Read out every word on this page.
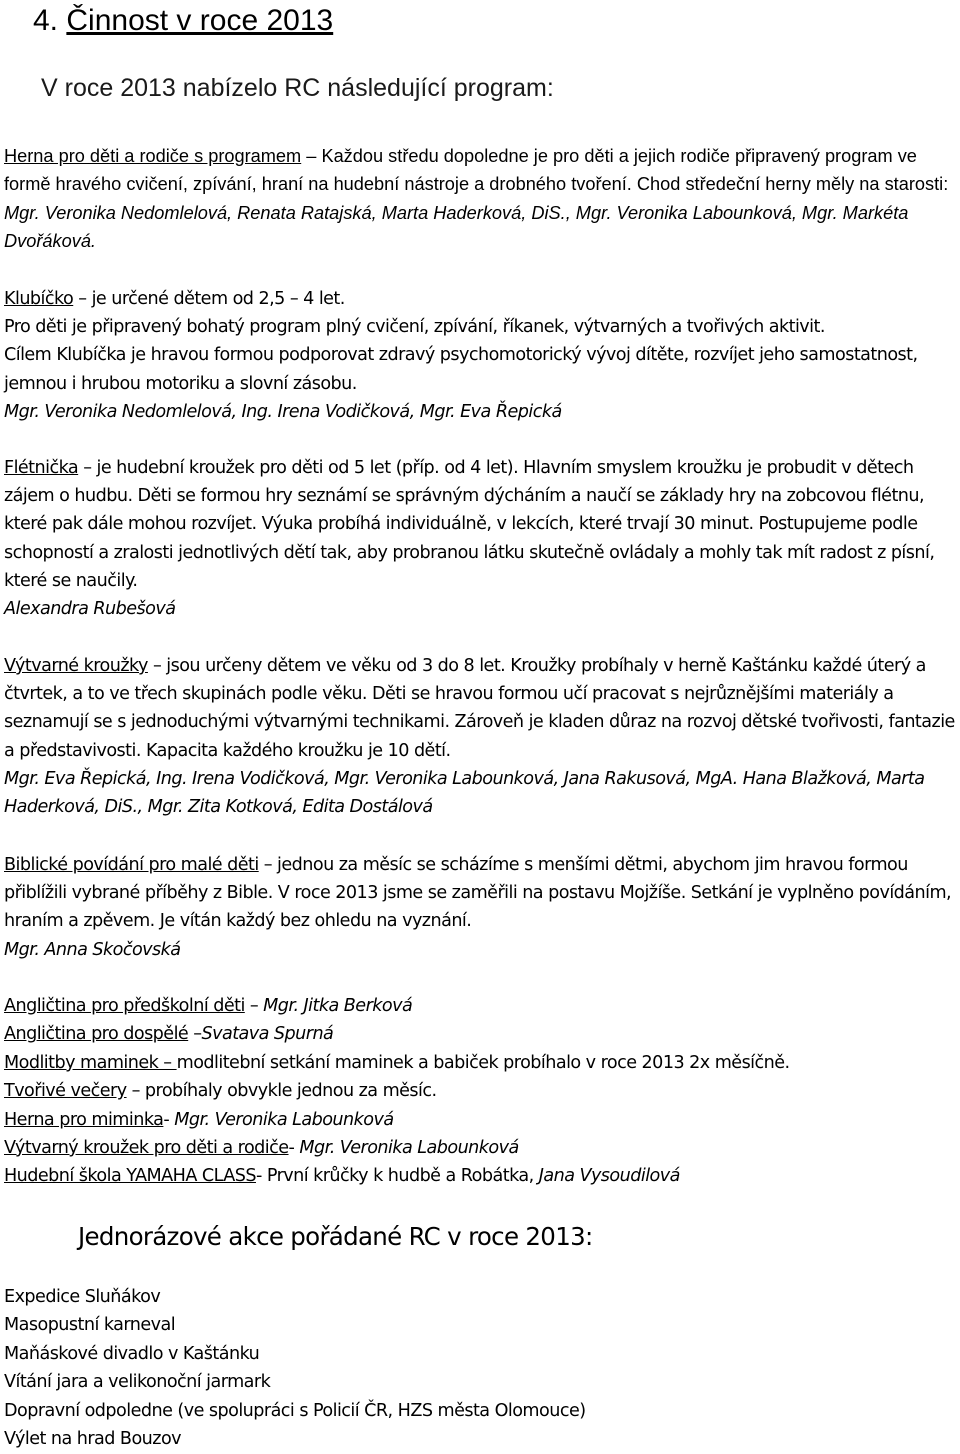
4. Činnost v roce 2013
V roce 2013 nabízelo RC následující program:
Herna pro děti a rodiče s programem – Každou středu dopoledne je pro děti a jejich rodiče připravený program ve formě hravého cvičení, zpívání, hraní na hudební nástroje a drobného tvoření. Chod středeční herny měly na starosti: Mgr. Veronika Nedomlelová, Renata Ratajská, Marta Haderková, DiS., Mgr. Veronika Labounková, Mgr. Markéta Dvořáková.
Klubíčko – je určené dětem od 2,5 – 4 let.
Pro děti je připravený bohatý program plný cvičení, zpívání, říkanek, výtvarných a tvořivých aktivit.
Cílem Klubíčka je hravou formou podporovat zdravý psychomotorický vývoj dítěte, rozvíjet jeho samostatnost, jemnou i hrubou motoriku a slovní zásobu.
Mgr. Veronika Nedomlelová, Ing. Irena Vodičková, Mgr. Eva Řepická
Flétnička – je hudební kroužek pro děti od 5 let (příp. od 4 let). Hlavním smyslem kroužku je probudit v dětech zájem o hudbu. Děti se formou hry seznámí se správným dýcháním a naučí se základy hry na zobcovou flétnu, které pak dále mohou rozvíjet. Výuka probíhá individuálně, v lekcích, které trvají 30 minut. Postupujeme podle schopností a zralosti jednotlivých dětí tak, aby probranou látku skutečně ovládaly a mohly tak mít radost z písní, které se naučily.
Alexandra Rubešová
Výtvarné kroužky – jsou určeny dětem ve věku od 3 do 8 let. Kroužky probíhaly v herně Kaštánku každé úterý a čtvrtek, a to ve třech skupinách podle věku. Děti se hravou formou učí pracovat s nejrůznějšími materiály a seznamují se s jednoduchými výtvarnými technikami. Zároveň je kladen důraz na rozvoj dětské tvořivosti, fantazie a představivosti. Kapacita každého kroužku je 10 dětí.
Mgr. Eva Řepická, Ing. Irena Vodičková, Mgr. Veronika Labounková, Jana Rakusová, MgA. Hana Blažková, Marta Haderková, DiS., Mgr. Zita Kotková, Edita Dostálová
Biblické povídání pro malé děti – jednou za měsíc se scházíme s menšími dětmi, abychom jim hravou formou přiblížili vybrané příběhy z Bible. V roce 2013 jsme se zaměřili na postavu Mojžíše. Setkání je vyplněno povídáním, hraním a zpěvem. Je vítán každý bez ohledu na vyznání.
Mgr. Anna Skočovská
Angličtina pro předškolní děti – Mgr. Jitka Berková
Angličtina pro dospělé –Svatava Spurná
Modlitby maminek – modlitební setkání maminek a babiček probíhalo v roce 2013 2x měsíčně.
Tvořivé večery – probíhaly obvykle jednou za měsíc.
Herna pro miminka- Mgr. Veronika Labounková
Výtvarný kroužek pro děti a rodiče- Mgr. Veronika Labounková
Hudební škola YAMAHA CLASS- První krůčky k hudbě a Robátka, Jana Vysoudilová
Jednorázové akce pořádané RC v roce 2013:
Expedice Sluňákov
Masopustní karneval
Maňáskové divadlo v Kaštánku
Vítání jara a velikonoční jarmark
Dopravní odpoledne (ve spolupráci s Policií ČR, HZS města Olomouce)
Výlet na hrad Bouzov
